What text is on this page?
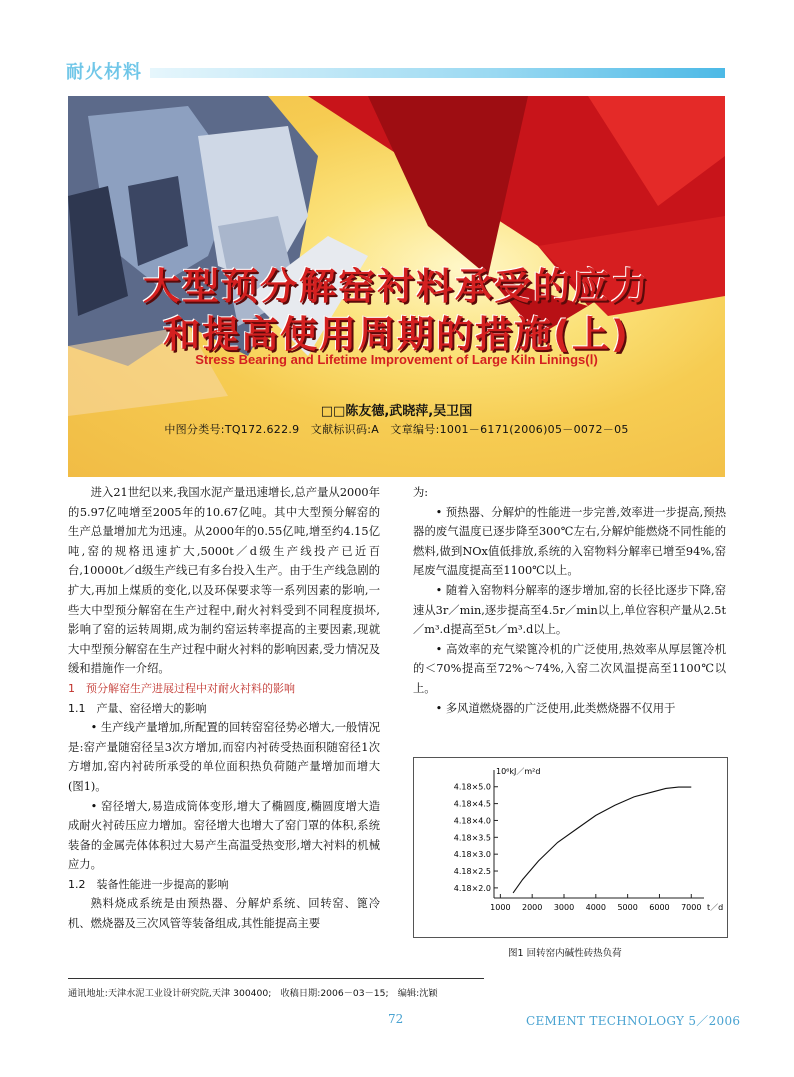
耐火材料
大型预分解窑衬料承受的应力
和提高使用周期的措施(上)
Stress Bearing and Lifetime Improvement of Large Kiln Linings(Ⅰ)
□□陈友德,武晓萍,吴卫国
中图分类号:TQ172.622.9　文献标识码:A　文章编号:1001－6171(2006)05－0072－05

进入21世纪以来,我国水泥产量迅速增长,总产量从2000年的5.97亿吨增至2005年的10.67亿吨。其中大型预分解窑的生产总量增加尤为迅速。从2000年的0.55亿吨,增至约4.15亿吨,窑的规格迅速扩大,5000t／d级生产线投产已近百台,10000t／d级生产线已有多台投入生产。由于生产线急剧的扩大,再加上煤质的变化,以及环保要求等一系列因素的影响,一些大中型预分解窑在生产过程中,耐火衬料受到不同程度损坏,影响了窑的运转周期,成为制约窑运转率提高的主要因素,现就大中型预分解窑在生产过程中耐火衬料的影响因素,受力情况及缓和措施作一介绍。

1　预分解窑生产进展过程中对耐火衬料的影响

1.1　产量、窑径增大的影响

• 生产线产量增加,所配置的回转窑窑径势必增大,一般情况是:窑产量随窑径呈3次方增加,而窑内衬砖受热面积随窑径1次方增加,窑内衬砖所承受的单位面积热负荷随产量增加而增大(图1)。

• 窑径增大,易造成筒体变形,增大了椭圆度,椭圆度增大造成耐火衬砖压应力增加。窑径增大也增大了窑门罩的体积,系统装备的金属壳体体积过大易产生高温受热变形,增大衬料的机械应力。

1.2　装备性能进一步提高的影响

熟料烧成系统是由预热器、分解炉系统、回转窑、篦冷机、燃烧器及三次风管等装备组成,其性能提高主要

为:

• 预热器、分解炉的性能进一步完善,效率进一步提高,预热器的废气温度已逐步降至300℃左右,分解炉能燃烧不同性能的燃料,做到NOx值低排放,系统的入窑物料分解率已增至94%,窑尾废气温度提高至1100℃以上。

• 随着入窑物料分解率的逐步增加,窑的长径比逐步下降,窑速从3r／min,逐步提高至4.5r／min以上,单位容积产量从2.5t／m³.d提高至5t／m³.d以上。

• 高效率的充气梁篦冷机的广泛使用,热效率从厚层篦冷机的＜70%提高至72%～74%,入窑二次风温提高至1100℃以上。

• 多风道燃烧器的广泛使用,此类燃烧器不仅用于

10⁶kJ／m²d
4.18×2.0
4.18×2.5
4.18×3.0
4.18×3.5
4.18×4.0
4.18×4.5
4.18×5.0
1000 2000 3000 4000 5000 6000 7000 t／d
图1 回转窑内碱性砖热负荷
通讯地址:天津水泥工业设计研究院,天津 300400;　收稿日期:2006－03－15;　编辑:沈颖
72	CEMENT TECHNOLOGY 5／2006
